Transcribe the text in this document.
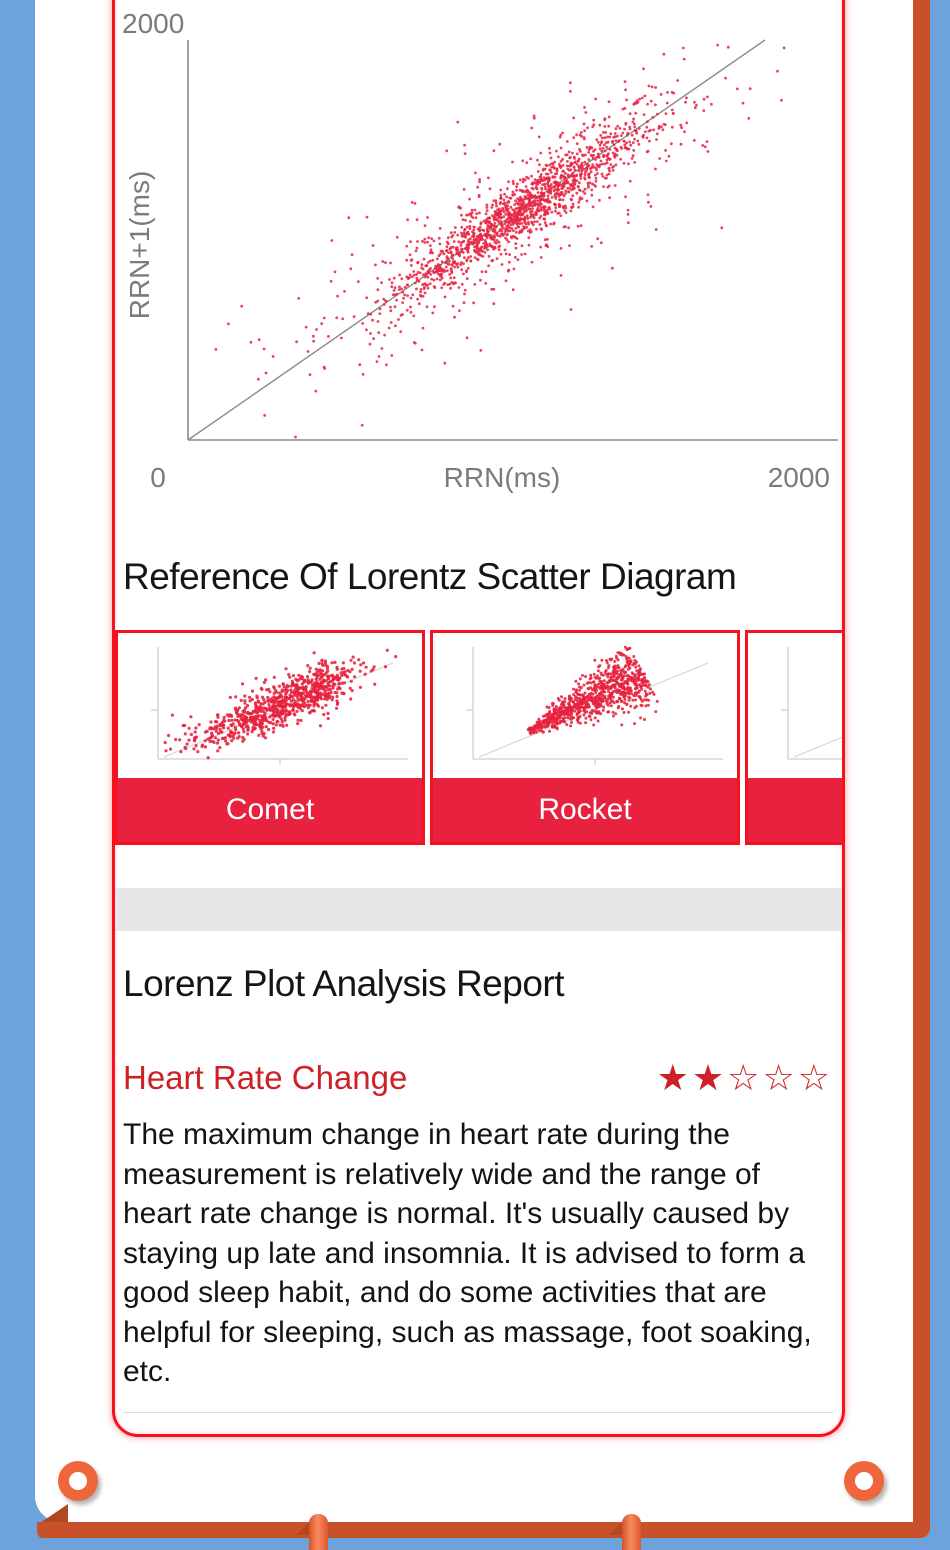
2000
RRN+1(ms)
0	RRN(ms)	2000
Reference Of Lorentz Scatter Diagram
Comet	Rocket
Lorenz Plot Analysis Report
Heart Rate Change	★★☆☆☆
The maximum change in heart rate during the measurement is relatively wide and the range of heart rate change is normal. It's usually caused by staying up late and insomnia. It is advised to form a good sleep habit, and do some activities that are helpful for sleeping, such as massage, foot soaking, etc.
